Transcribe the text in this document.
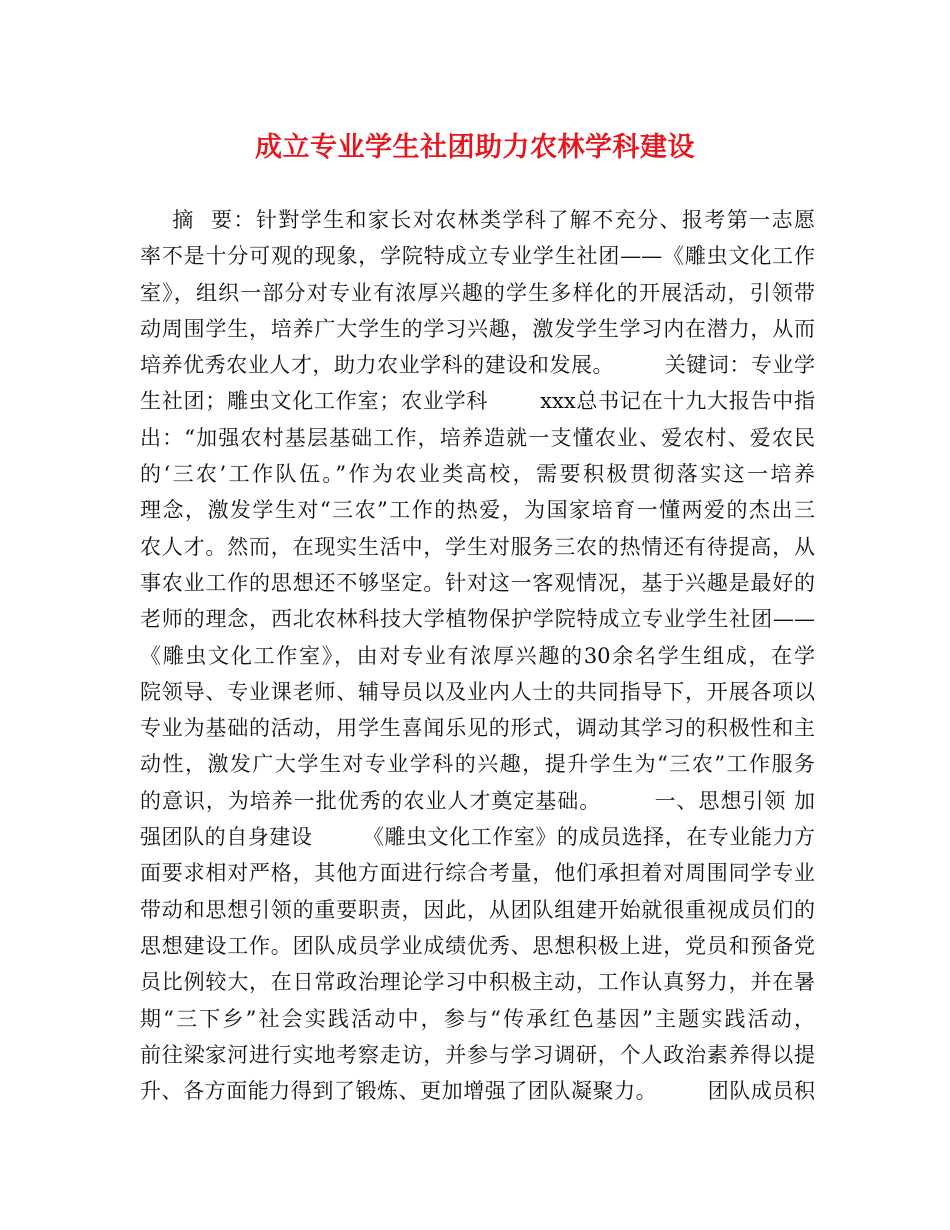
成立专业学生社团助力农林学科建设
摘  要：针對学生和家长对农林类学科了解不充分、报考第一志愿
率不是十分可观的现象，学院特成立专业学生社团——《雕虫文化工作
室》，组织一部分对专业有浓厚兴趣的学生多样化的开展活动，引领带
动周围学生，培养广大学生的学习兴趣，激发学生学习内在潜力，从而
培养优秀农业人才，助力农业学科的建设和发展。       关键词：专业学
生社团；雕虫文化工作室；农业学科       xxx总书记在十九大报告中指
出：“加强农村基层基础工作，培养造就一支懂农业、爱农村、爱农民
的‘三农’工作队伍。”作为农业类高校，需要积极贯彻落实这一培养
理念，激发学生对“三农”工作的热爱，为国家培育一懂两爱的杰出三
农人才。然而，在现实生活中，学生对服务三农的热情还有待提高，从
事农业工作的思想还不够坚定。针对这一客观情况，基于兴趣是最好的
老师的理念，西北农林科技大学植物保护学院特成立专业学生社团——
《雕虫文化工作室》，由对专业有浓厚兴趣的30余名学生组成，在学
院领导、专业课老师、辅导员以及业内人士的共同指导下，开展各项以
专业为基础的活动，用学生喜闻乐见的形式，调动其学习的积极性和主
动性，激发广大学生对专业学科的兴趣，提升学生为“三农”工作服务
的意识，为培养一批优秀的农业人才奠定基础。       一、思想引领 加
强团队的自身建设       《雕虫文化工作室》的成员选择，在专业能力方
面要求相对严格，其他方面进行综合考量，他们承担着对周围同学专业
带动和思想引领的重要职责，因此，从团队组建开始就很重视成员们的
思想建设工作。团队成员学业成绩优秀、思想积极上进，党员和预备党
员比例较大，在日常政治理论学习中积极主动，工作认真努力，并在暑
期“三下乡”社会实践活动中，参与“传承红色基因”主题实践活动，
前往梁家河进行实地考察走访，并参与学习调研，个人政治素养得以提
升、各方面能力得到了锻炼、更加增强了团队凝聚力。       团队成员积
